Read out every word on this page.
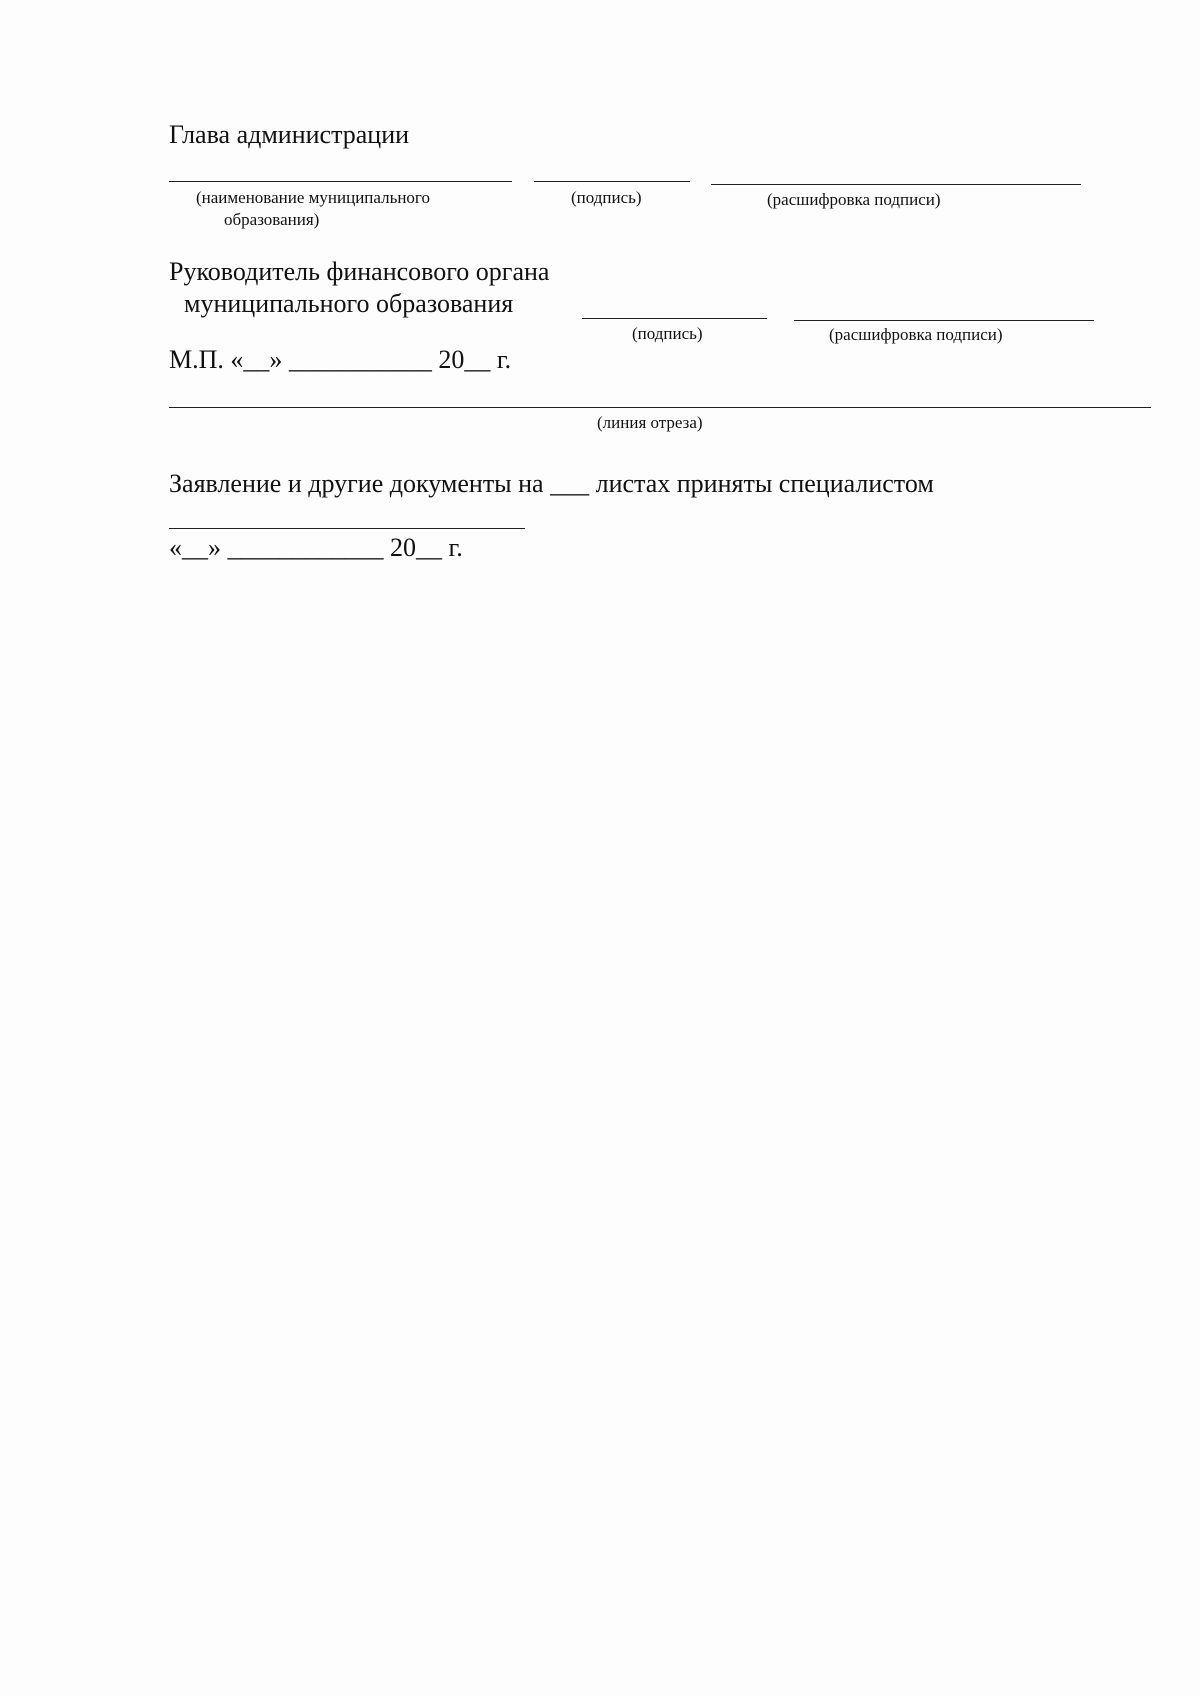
Глава администрации
(наименование муниципального
образования)
(подпись)	(расшифровка подписи)
Руководитель финансового органа
муниципального образования
(подпись)	(расшифровка подписи)
М.П. «__» ___________ 20__ г.
(линия отреза)
Заявление и другие документы на ___ листах приняты специалистом
«__» ____________ 20__ г.
